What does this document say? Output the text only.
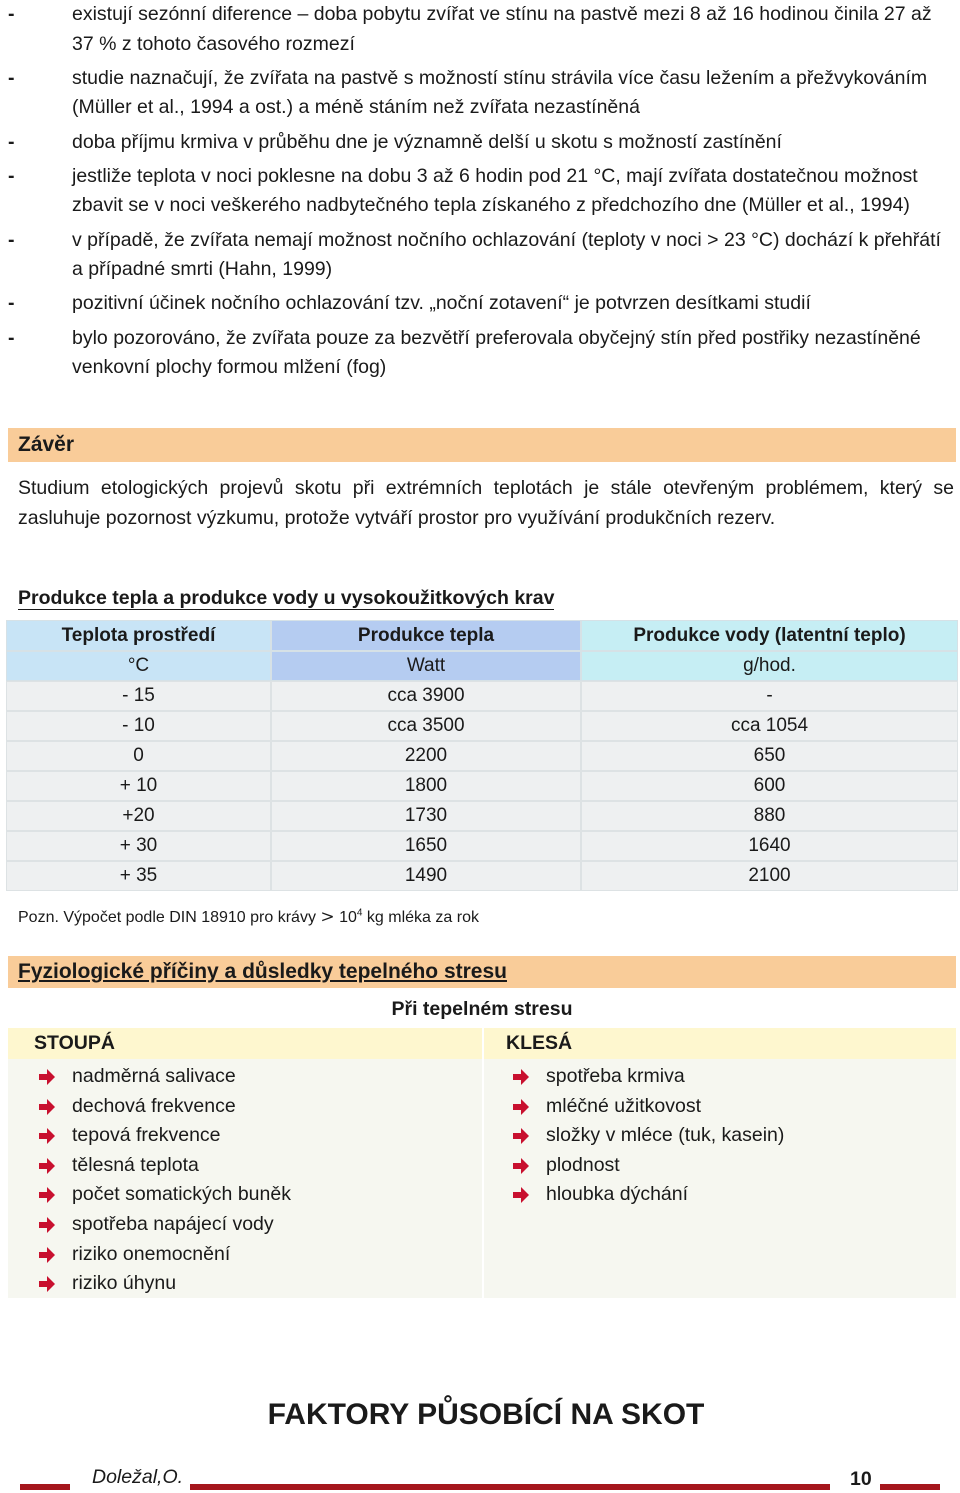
-	existují sezónní diference – doba pobytu zvířat ve stínu na pastvě mezi 8 až 16 hodinou činila 27 až 37 % z tohoto časového rozmezí
-	studie naznačují, že zvířata na pastvě s možností stínu strávila více času ležením a přežvykováním (Müller et al., 1994 a ost.) a méně stáním než zvířata nezastíněná
-	doba příjmu krmiva v průběhu dne je významně delší u skotu s možností zastínění
-	jestliže teplota v noci poklesne na dobu 3 až 6 hodin pod 21 °C, mají zvířata dostatečnou možnost zbavit se v noci veškerého nadbytečného tepla získaného z předchozího dne (Müller et al., 1994)
-	v případě, že zvířata nemají možnost nočního ochlazování (teploty v noci > 23 °C) dochází k přehřátí a případné smrti (Hahn, 1999)
-	pozitivní účinek nočního ochlazování tzv. „noční zotavení“ je potvrzen desítkami studií
-	bylo pozorováno, že zvířata pouze za bezvětří preferovala obyčejný stín před postřiky nezastíněné venkovní plochy formou mlžení (fog)
Závěr
Studium etologických projevů skotu při extrémních teplotách je stále otevřeným problémem, který se zasluhuje pozornost výzkumu, protože vytváří prostor pro využívání produkčních rezerv.
Produkce tepla a produkce vody u vysokoužitkových krav
Teplota prostředí	Produkce tepla	Produkce vody (latentní teplo)
°C	Watt	g/hod.
- 15	cca 3900	-
- 10	cca 3500	cca 1054
0	2200	650
+ 10	1800	600
+20	1730	880
+ 30	1650	1640
+ 35	1490	2100
Pozn. Výpočet podle DIN 18910 pro krávy > $10^4$ kg mléka za rok
Fyziologické příčiny a důsledky tepelného stresu
Při tepelném stresu
STOUPÁ
nadměrná salivace
dechová frekvence
tepová frekvence
tělesná teplota
počet somatických buněk
spotřeba napájecí vody
riziko onemocnění
riziko úhynu
KLESÁ
spotřeba krmiva
mléčné užitkovost
složky v mléce (tuk, kasein)
plodnost
hloubka dýchání
FAKTORY PŮSOBÍCÍ NA SKOT
Doležal,O.	10
